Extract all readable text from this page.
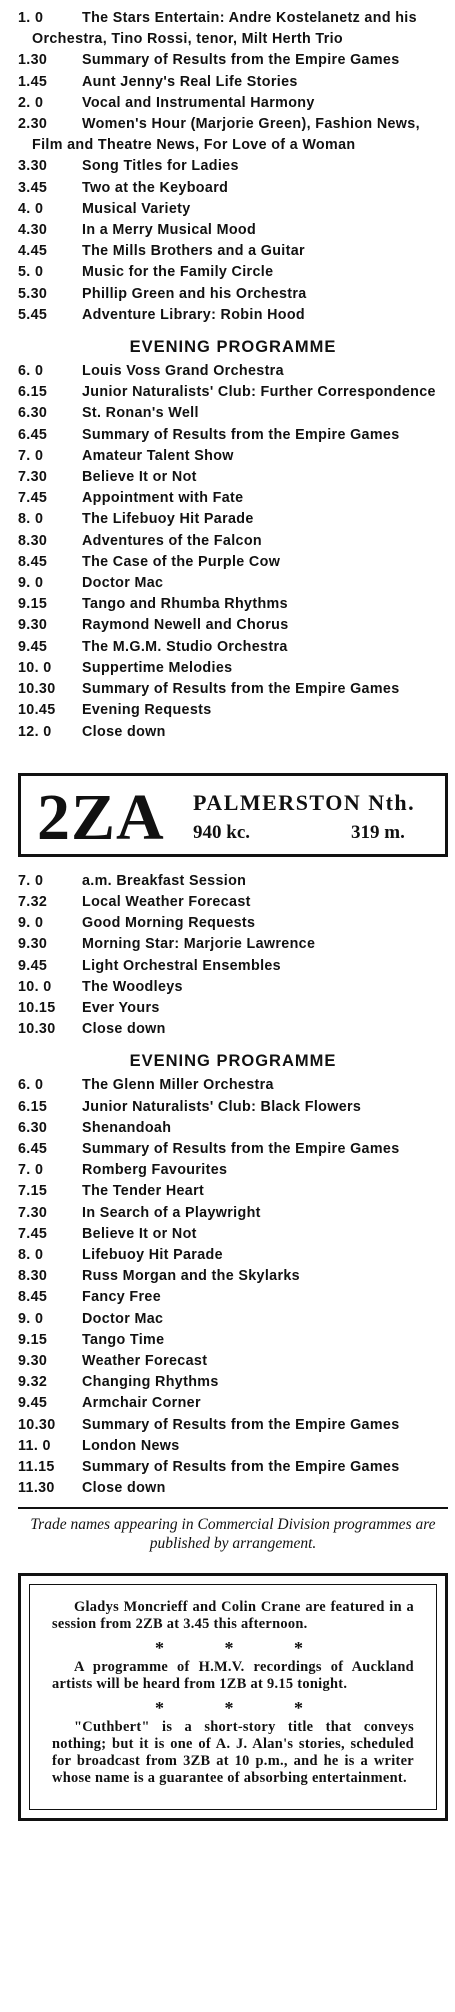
1. 0	The Stars Entertain: Andre Kostelanetz and his Orchestra, Tino Rossi, tenor, Milt Herth Trio
1.30 Summary of Results from the Empire Games
1.45 Aunt Jenny's Real Life Stories
2. 0	Vocal and Instrumental Harmony
2.30 Women's Hour (Marjorie Green), Fashion News, Film and Theatre News, For Love of a Woman
3.30 Song Titles for Ladies
3.45 Two at the Keyboard
4. 0	Musical Variety
4.30 In a Merry Musical Mood
4.45 The Mills Brothers and a Guitar
5. 0	Music for the Family Circle
5.30 Phillip Green and his Orchestra
5.45 Adventure Library: Robin Hood
EVENING PROGRAMME
6. 0	Louis Voss Grand Orchestra
6.15 Junior Naturalists' Club: Further Correspondence
6.30 St. Ronan's Well
6.45 Summary of Results from the Empire Games
7. 0	Amateur Talent Show
7.30 Believe It or Not
7.45 Appointment with Fate
8. 0	The Lifebuoy Hit Parade
8.30 Adventures of the Falcon
8.45 The Case of the Purple Cow
9. 0	Doctor Mac
9.15 Tango and Rhumba Rhythms
9.30 Raymond Newell and Chorus
9.45 The M.G.M. Studio Orchestra
10. 0 Suppertime Melodies
10.30 Summary of Results from the Empire Games
10.45 Evening Requests
12. 0 Close down
2ZA PALMERSTON Nth.
940 kc.	319 m.
7. 0	a.m. Breakfast Session
7.32 Local Weather Forecast
9. 0	Good Morning Requests
9.30 Morning Star: Marjorie Lawrence
9.45 Light Orchestral Ensembles
10. 0 The Woodleys
10.15 Ever Yours
10.30 Close down
EVENING PROGRAMME
6. 0	The Glenn Miller Orchestra
6.15 Junior Naturalists' Club: Black Flowers
6.30 Shenandoah
6.45 Summary of Results from the Empire Games
7. 0	Romberg Favourites
7.15 The Tender Heart
7.30 In Search of a Playwright
7.45 Believe It or Not
8. 0	Lifebuoy Hit Parade
8.30 Russ Morgan and the Skylarks
8.45 Fancy Free
9. 0	Doctor Mac
9.15 Tango Time
9.30 Weather Forecast
9.32 Changing Rhythms
9.45 Armchair Corner
10.30 Summary of Results from the Empire Games
11. 0 London News
11.15 Summary of Results from the Empire Games
11.30 Close down
Trade names appearing in Commercial Division programmes are published by arrangement.

Gladys Moncrieff and Colin Crane are featured in a session from 2ZB at 3.45 this afternoon.

* * *

A programme of H.M.V. recordings of Auckland artists will be heard from 1ZB at 9.15 tonight.

* * *

"Cuthbert" is a short-story title that conveys nothing; but it is one of A. J. Alan's stories, scheduled for broadcast from 3ZB at 10 p.m., and he is a writer whose name is a guarantee of absorbing entertainment.
